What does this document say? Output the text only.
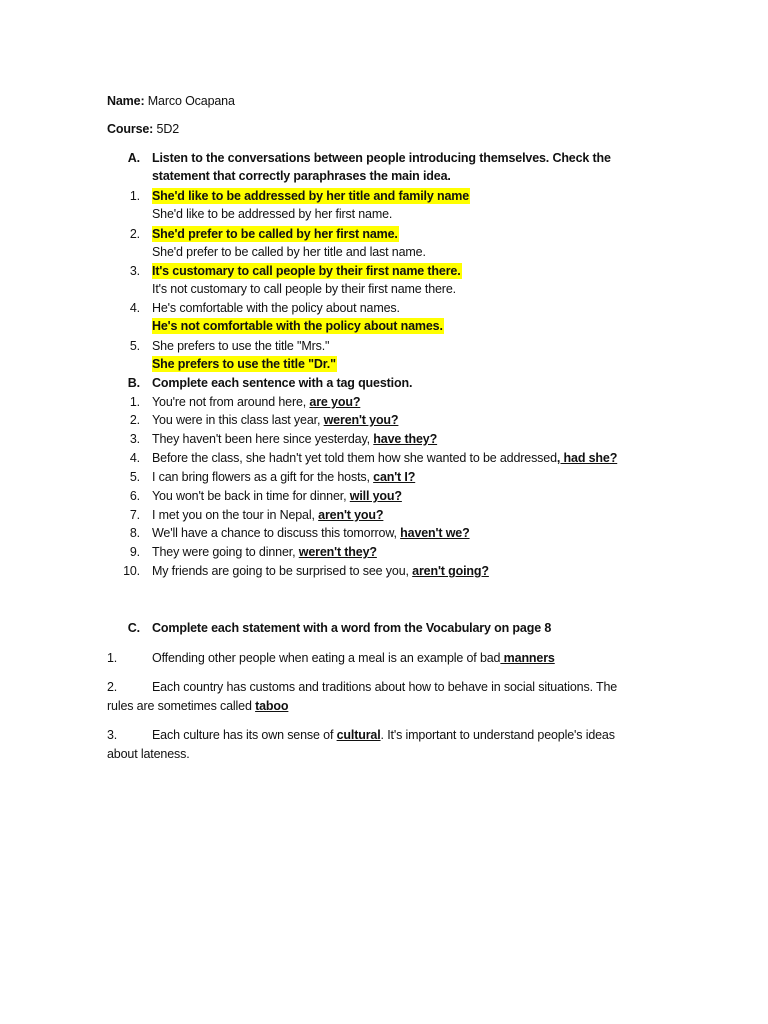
Name: Marco Ocapana
Course: 5D2
A. Listen to the conversations between people introducing themselves. Check the
statement that correctly paraphrases the main idea.
1. She'd like to be addressed by her title and family name
She'd like to be addressed by her first name.
2. She'd prefer to be called by her first name.
She'd prefer to be called by her title and last name.
3. It's customary to call people by their first name there.
It's not customary to call people by their first name there.
4. He's comfortable with the policy about names.
He's not comfortable with the policy about names.
5. She prefers to use the title "Mrs."
She prefers to use the title "Dr."
B. Complete each sentence with a tag question.
1. You're not from around here, are you?
2. You were in this class last year, weren't you?
3. They haven't been here since yesterday, have they?
4. Before the class, she hadn't yet told them how she wanted to be addressed, had she?
5. I can bring flowers as a gift for the hosts, can't I?
6. You won't be back in time for dinner, will you?
7. I met you on the tour in Nepal, aren't you?
8. We'll have a chance to discuss this tomorrow, haven't we?
9. They were going to dinner, weren't they?
10. My friends are going to be surprised to see you, aren't going?
C. Complete each statement with a word from the Vocabulary on page 8
1.	Offending other people when eating a meal is an example of bad manners
2.	Each country has customs and traditions about how to behave in social situations. The
rules are sometimes called taboo
3.	Each culture has its own sense of cultural. It's important to understand people's ideas
about lateness.
